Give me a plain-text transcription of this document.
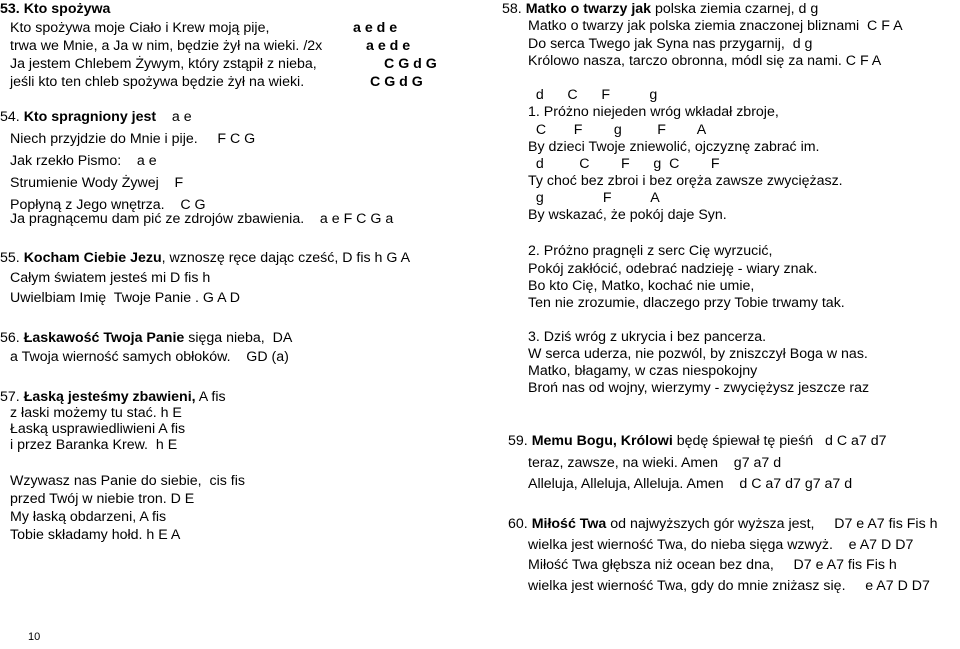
53. Kto spożywa
Kto spożywa moje Ciało i Krew moją pije,	a e d e
trwa we Mnie, a Ja w nim, będzie żył na wieki. /2x	a e d e
Ja jestem Chlebem Żywym, który zstąpił z nieba,	C G d G
jeśli kto ten chleb spożywa będzie żył na wieki.	C G d G
54. Kto spragniony jest a e
Niech przyjdzie do Mnie i pije.     F C G
Jak rzekło Pismo:    a e
Strumienie Wody Żywej    F
Popłyną z Jego wnętrza.    C G
Ja pragnącemu dam pić ze zdrojów zbawienia.    a e F C G a
55. Kocham Ciebie Jezu, wznoszę ręce dając cześć, D fis h G A
Całym światem jesteś mi D fis h
Uwielbiam Imię  Twoje Panie . G A D
56. Łaskawość Twoja Panie sięga nieba,  DA
a Twoja wierność samych obłoków.    GD (a)
57. Łaską jesteśmy zbawieni, A fis
z łaski możemy tu stać. h E
Łaską usprawiedliwieni A fis
i przez Baranka Krew.  h E
Wzywasz nas Panie do siebie,  cis fis
przed Twój w niebie tron. D E
My łaską obdarzeni, A fis
Tobie składamy hołd. h E A
58. Matko o twarzy jak polska ziemia czarnej, d g
Matko o twarzy jak polska ziemia znaczonej bliznami  C F A
Do serca Twego jak Syna nas przygarnij,  d g
Królowo nasza, tarczo obronna, módl się za nami. C F A
d      C      F          g
1. Próżno niejeden wróg wkładał zbroje,
C       F        g         F        A
By dzieci Twoje zniewolić, ojczyznę zabrać im.
d         C        F      g  C        F
Ty choć bez zbroi i bez oręża zawsze zwyciężasz.
g               F          A
By wskazać, że pokój daje Syn.
2. Próżno pragnęli z serc Cię wyrzucić,
Pokój zakłócić, odebrać nadzieję - wiary znak.
Bo kto Cię, Matko, kochać nie umie,
Ten nie zrozumie, dlaczego przy Tobie trwamy tak.
3. Dziś wróg z ukrycia i bez pancerza.
W serca uderza, nie pozwól, by zniszczył Boga w nas.
Matko, błagamy, w czas niespokojny
Broń nas od wojny, wierzymy - zwyciężysz jeszcze raz
59. Memu Bogu, Królowi będę śpiewał tę pieśń   d C a7 d7
teraz, zawsze, na wieki. Amen    g7 a7 d
Alleluja, Alleluja, Alleluja. Amen    d C a7 d7 g7 a7 d
60. Miłość Twa od najwyższych gór wyższa jest,     D7 e A7 fis Fis h
wielka jest wierność Twa, do nieba sięga wzwyż.    e A7 D D7
Miłość Twa głębsza niż ocean bez dna,     D7 e A7 fis Fis h
wielka jest wierność Twa, gdy do mnie zniżasz się.     e A7 D D7
10
